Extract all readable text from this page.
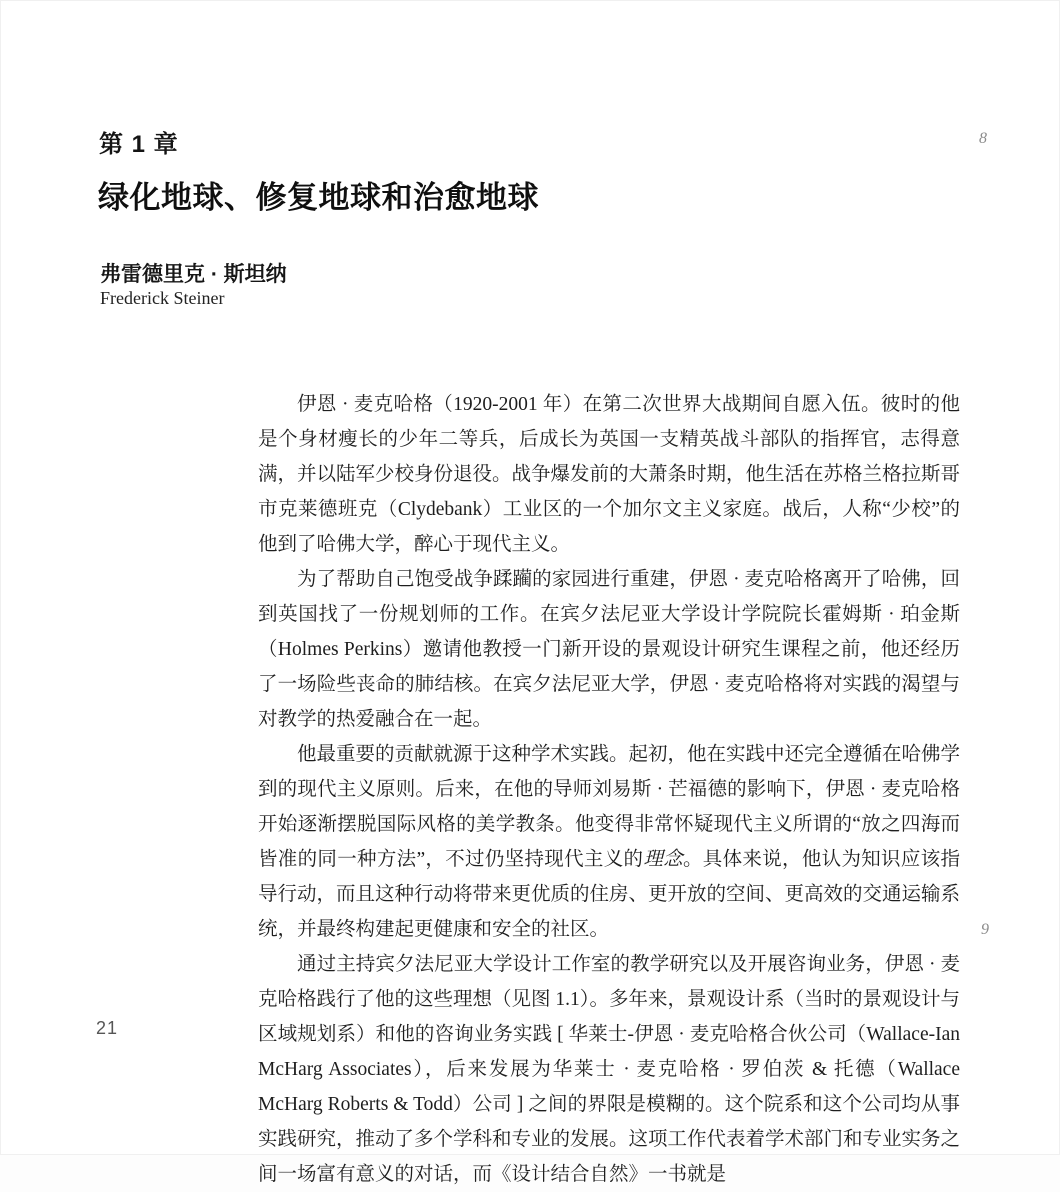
8
9
21
第 1 章
绿化地球、修复地球和治愈地球
弗雷德里克 · 斯坦纳
Frederick Steiner

伊恩 · 麦克哈格（1920-2001 年）在第二次世界大战期间自愿入伍。彼时的他是个身材瘦长的少年二等兵，后成长为英国一支精英战斗部队的指挥官，志得意满，并以陆军少校身份退役。战争爆发前的大萧条时期，他生活在苏格兰格拉斯哥市克莱德班克（Clydebank）工业区的一个加尔文主义家庭。战后，人称“少校”的他到了哈佛大学，醉心于现代主义。

为了帮助自己饱受战争蹂躏的家园进行重建，伊恩 · 麦克哈格离开了哈佛，回到英国找了一份规划师的工作。在宾夕法尼亚大学设计学院院长霍姆斯 · 珀金斯（Holmes Perkins）邀请他教授一门新开设的景观设计研究生课程之前，他还经历了一场险些丧命的肺结核。在宾夕法尼亚大学，伊恩 · 麦克哈格将对实践的渴望与对教学的热爱融合在一起。

他最重要的贡献就源于这种学术实践。起初，他在实践中还完全遵循在哈佛学到的现代主义原则。后来，在他的导师刘易斯 · 芒福德的影响下，伊恩 · 麦克哈格开始逐渐摆脱国际风格的美学教条。他变得非常怀疑现代主义所谓的“放之四海而皆准的同一种方法”，不过仍坚持现代主义的理念。具体来说，他认为知识应该指导行动，而且这种行动将带来更优质的住房、更开放的空间、更高效的交通运输系统，并最终构建起更健康和安全的社区。

通过主持宾夕法尼亚大学设计工作室的教学研究以及开展咨询业务，伊恩 · 麦克哈格践行了他的这些理想（见图 1.1）。多年来，景观设计系（当时的景观设计与区域规划系）和他的咨询业务实践 [ 华莱士-伊恩 · 麦克哈格合伙公司（Wallace-Ian McHarg Associates），后来发展为华莱士 · 麦克哈格 · 罗伯茨 & 托德（Wallace McHarg Roberts & Todd）公司 ] 之间的界限是模糊的。这个院系和这个公司均从事实践研究，推动了多个学科和专业的发展。这项工作代表着学术部门和专业实务之间一场富有意义的对话，而《设计结合自然》一书就是
